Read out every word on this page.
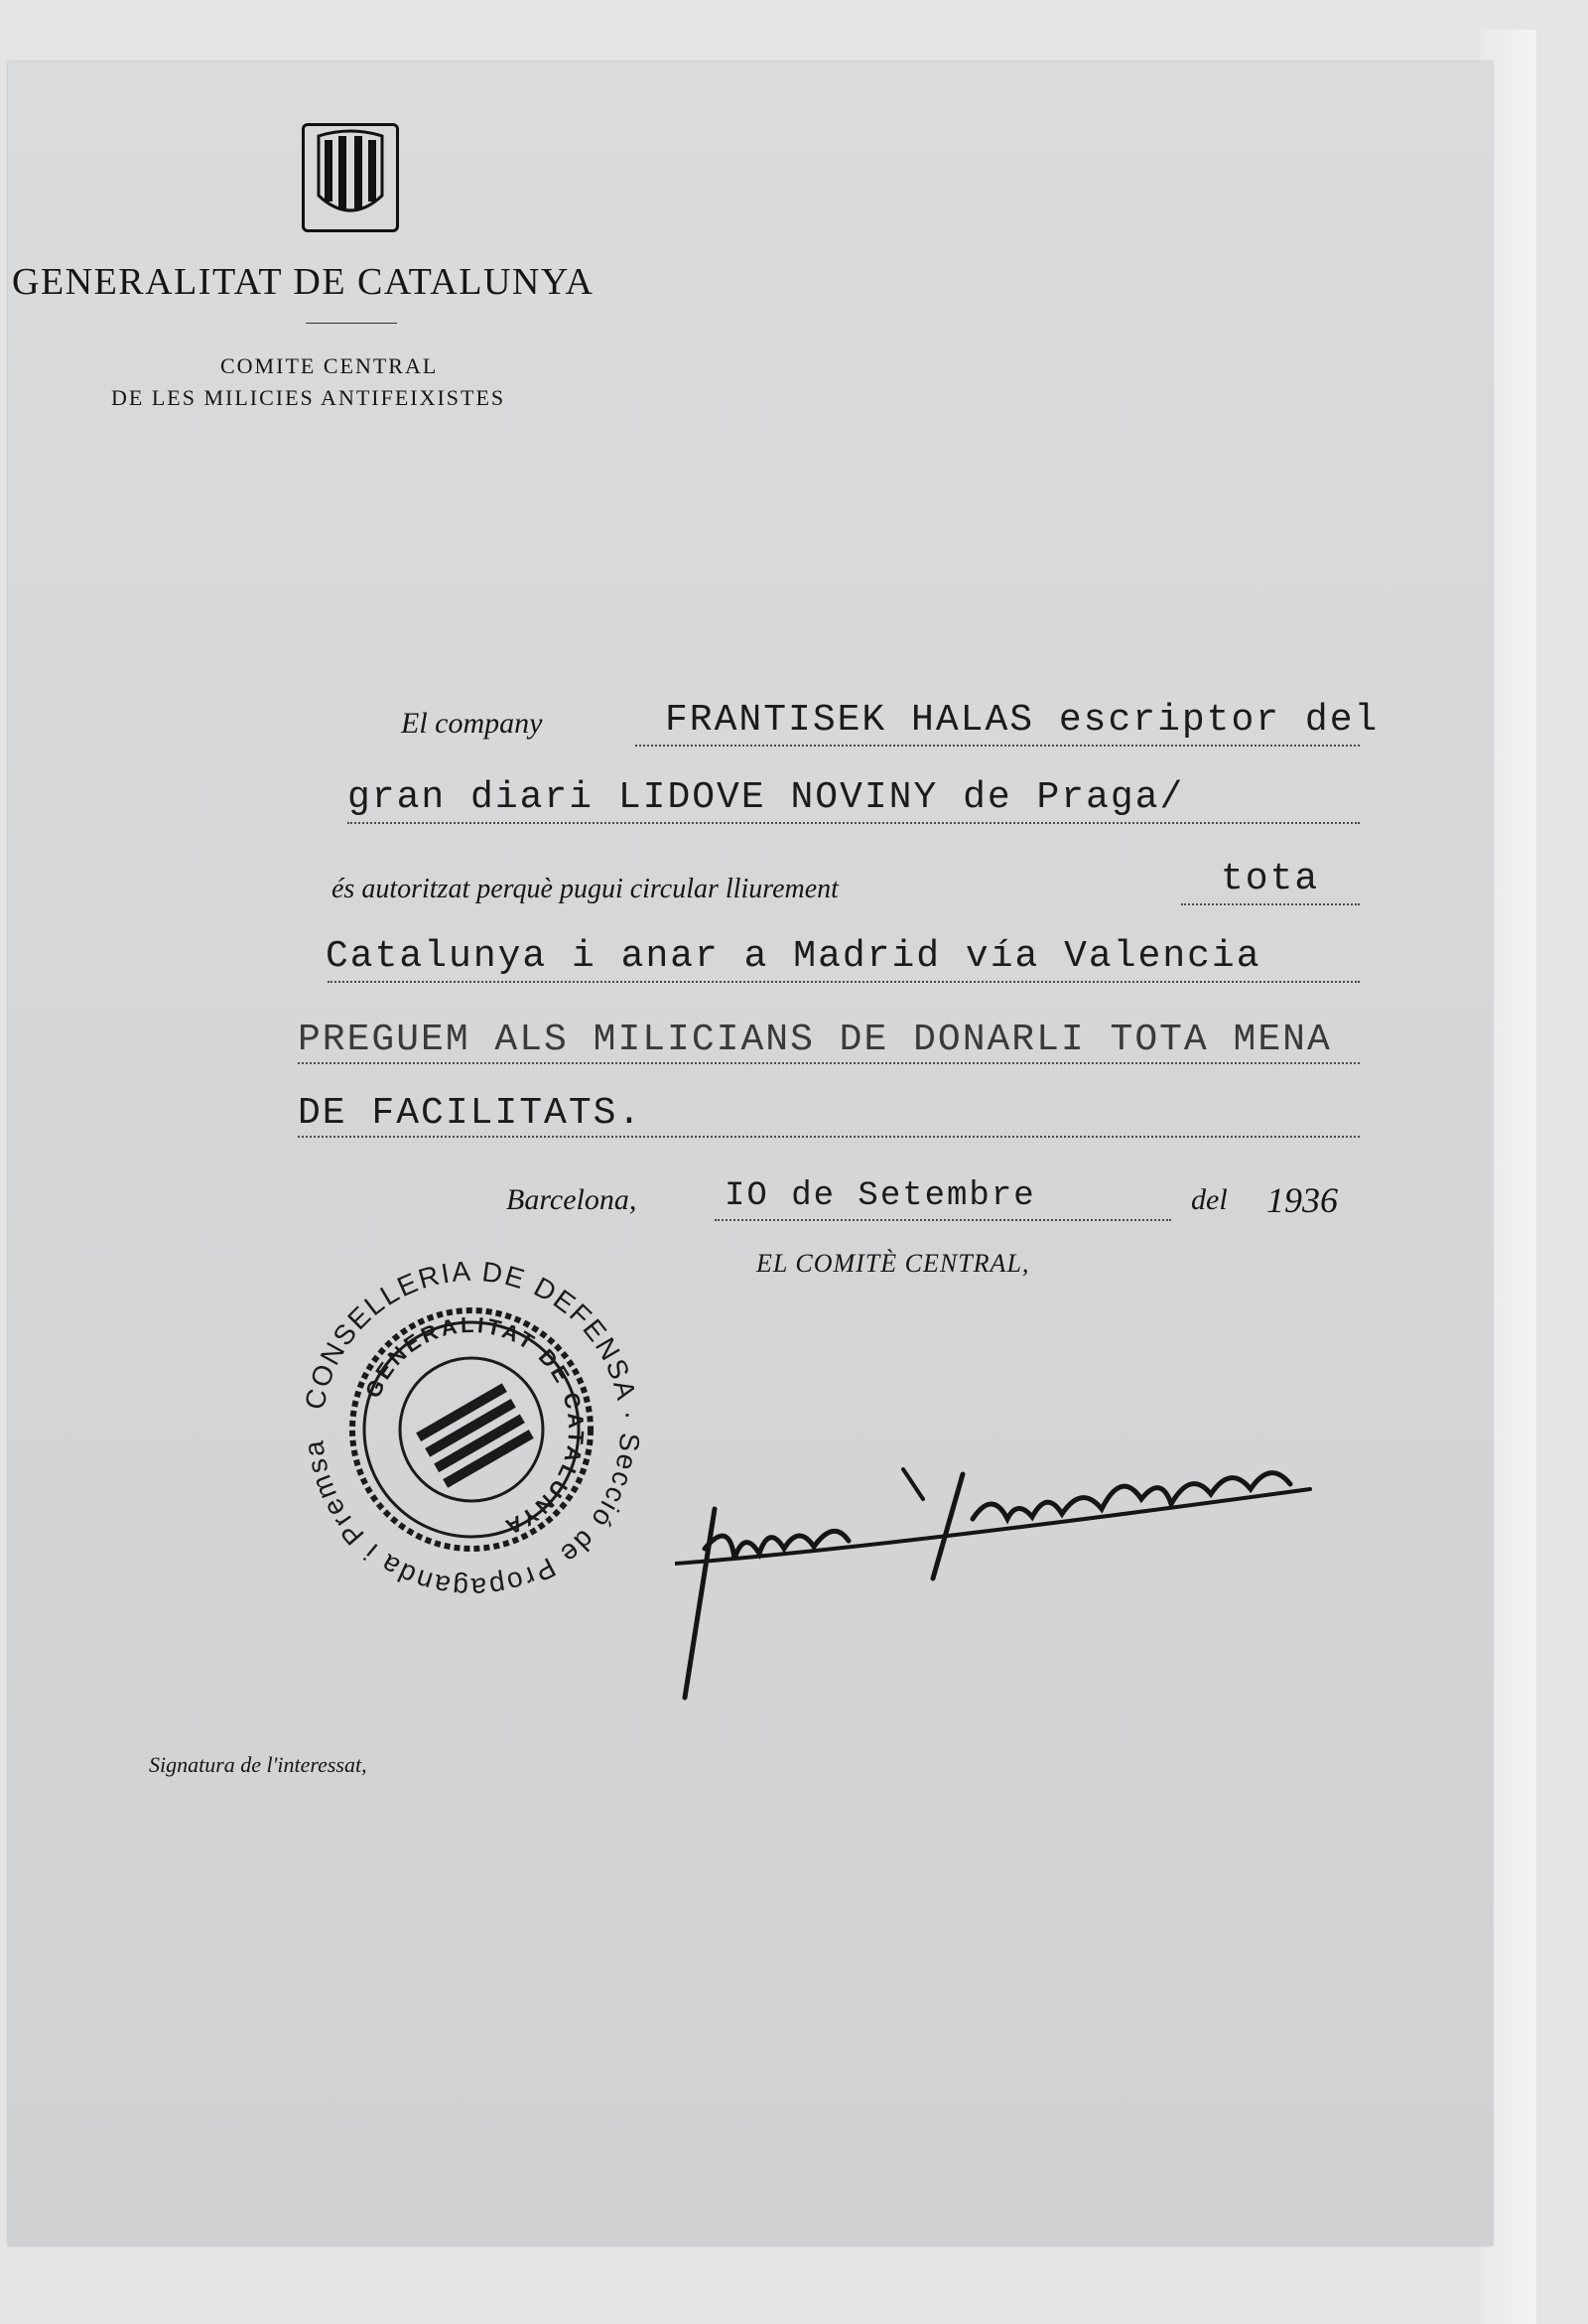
GENERALITAT DE CATALUNYA
COMITE CENTRAL
DE LES MILICIES ANTIFEIXISTES
El company	FRANTISEK HALAS escriptor del
gran diari LIDOVE NOVINY de Praga/
és autoritzat perquè pugui circular lliurement	tota
Catalunya i anar a Madrid vía Valencia
PREGUEM ALS MILICIANS DE DONARLI TOTA MENA
DE FACILITATS.
Barcelona,	IO de Setembre	del 1936
EL COMITÈ CENTRAL,
CONSELLERIA DE DEFENSA · Secció de Propaganda i Premsa
GENERALITAT DE CATALUNYA
Signatura de l'interessat,
